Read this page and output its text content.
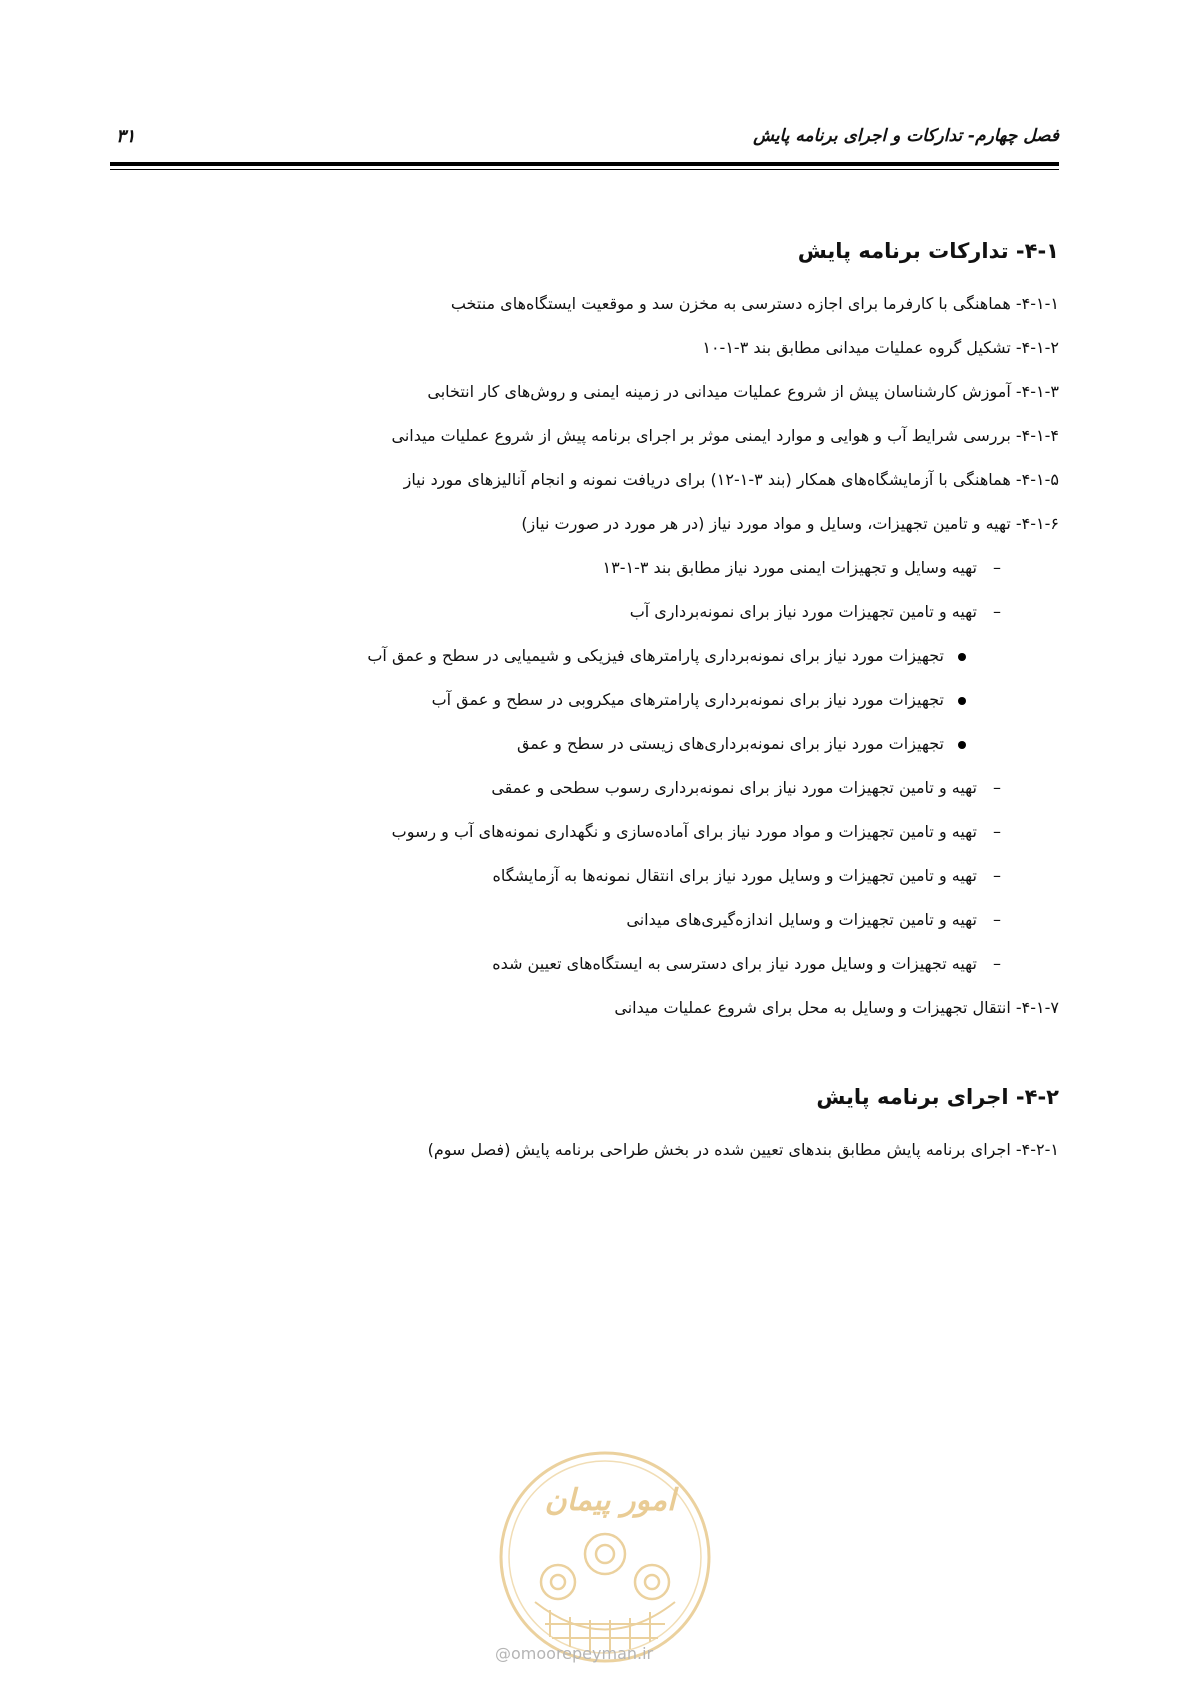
فصل چهارم- تدارکات و اجرای برنامه پایش
۳۱
۴-۱- تدارکات برنامه پایش
۴-۱-۱- هماهنگی با کارفرما برای اجازه دسترسی به مخزن سد و موقعیت ایستگاه‌های منتخب
۴-۱-۲- تشکیل گروه عملیات میدانی مطابق بند ۳-۱-۱۰
۴-۱-۳- آموزش کارشناسان پیش از شروع عملیات میدانی در زمینه ایمنی و روش‌های کار انتخابی
۴-۱-۴- بررسی شرایط آب و هوایی و موارد ایمنی موثر بر اجرای برنامه پیش از شروع عملیات میدانی
۴-۱-۵- هماهنگی با آزمایشگاه‌های همکار (بند ۳-۱-۱۲) برای دریافت نمونه و انجام آنالیزهای مورد نیاز
۴-۱-۶- تهیه و تامین تجهیزات، وسایل و مواد مورد نیاز (در هر مورد در صورت نیاز)
–تهیه وسایل و تجهیزات ایمنی مورد نیاز مطابق بند ۳-۱-۱۳
–تهیه و تامین تجهیزات مورد نیاز برای نمونه‌برداری آب
تجهیزات مورد نیاز برای نمونه‌برداری پارامترهای فیزیکی و شیمیایی در سطح و عمق آب
تجهیزات مورد نیاز برای نمونه‌برداری پارامترهای میکروبی در سطح و عمق آب
تجهیزات مورد نیاز برای نمونه‌برداری‌های زیستی در سطح و عمق
–تهیه و تامین تجهیزات مورد نیاز برای نمونه‌برداری رسوب سطحی و عمقی
–تهیه و تامین تجهیزات و مواد مورد نیاز برای آماده‌سازی و نگهداری نمونه‌های آب و رسوب
–تهیه و تامین تجهیزات و وسایل مورد نیاز برای انتقال نمونه‌ها به آزمایشگاه
–تهیه و تامین تجهیزات و وسایل اندازه‌گیری‌های میدانی
–تهیه تجهیزات و وسایل مورد نیاز برای دسترسی به ایستگاه‌های تعیین شده
۴-۱-۷- انتقال تجهیزات و وسایل به محل برای شروع عملیات میدانی
۴-۲- اجرای برنامه پایش
۴-۲-۱- اجرای برنامه پایش مطابق بندهای تعیین شده در بخش طراحی برنامه پایش (فصل سوم)
امور پیمان
@omoorepeyman.ir
